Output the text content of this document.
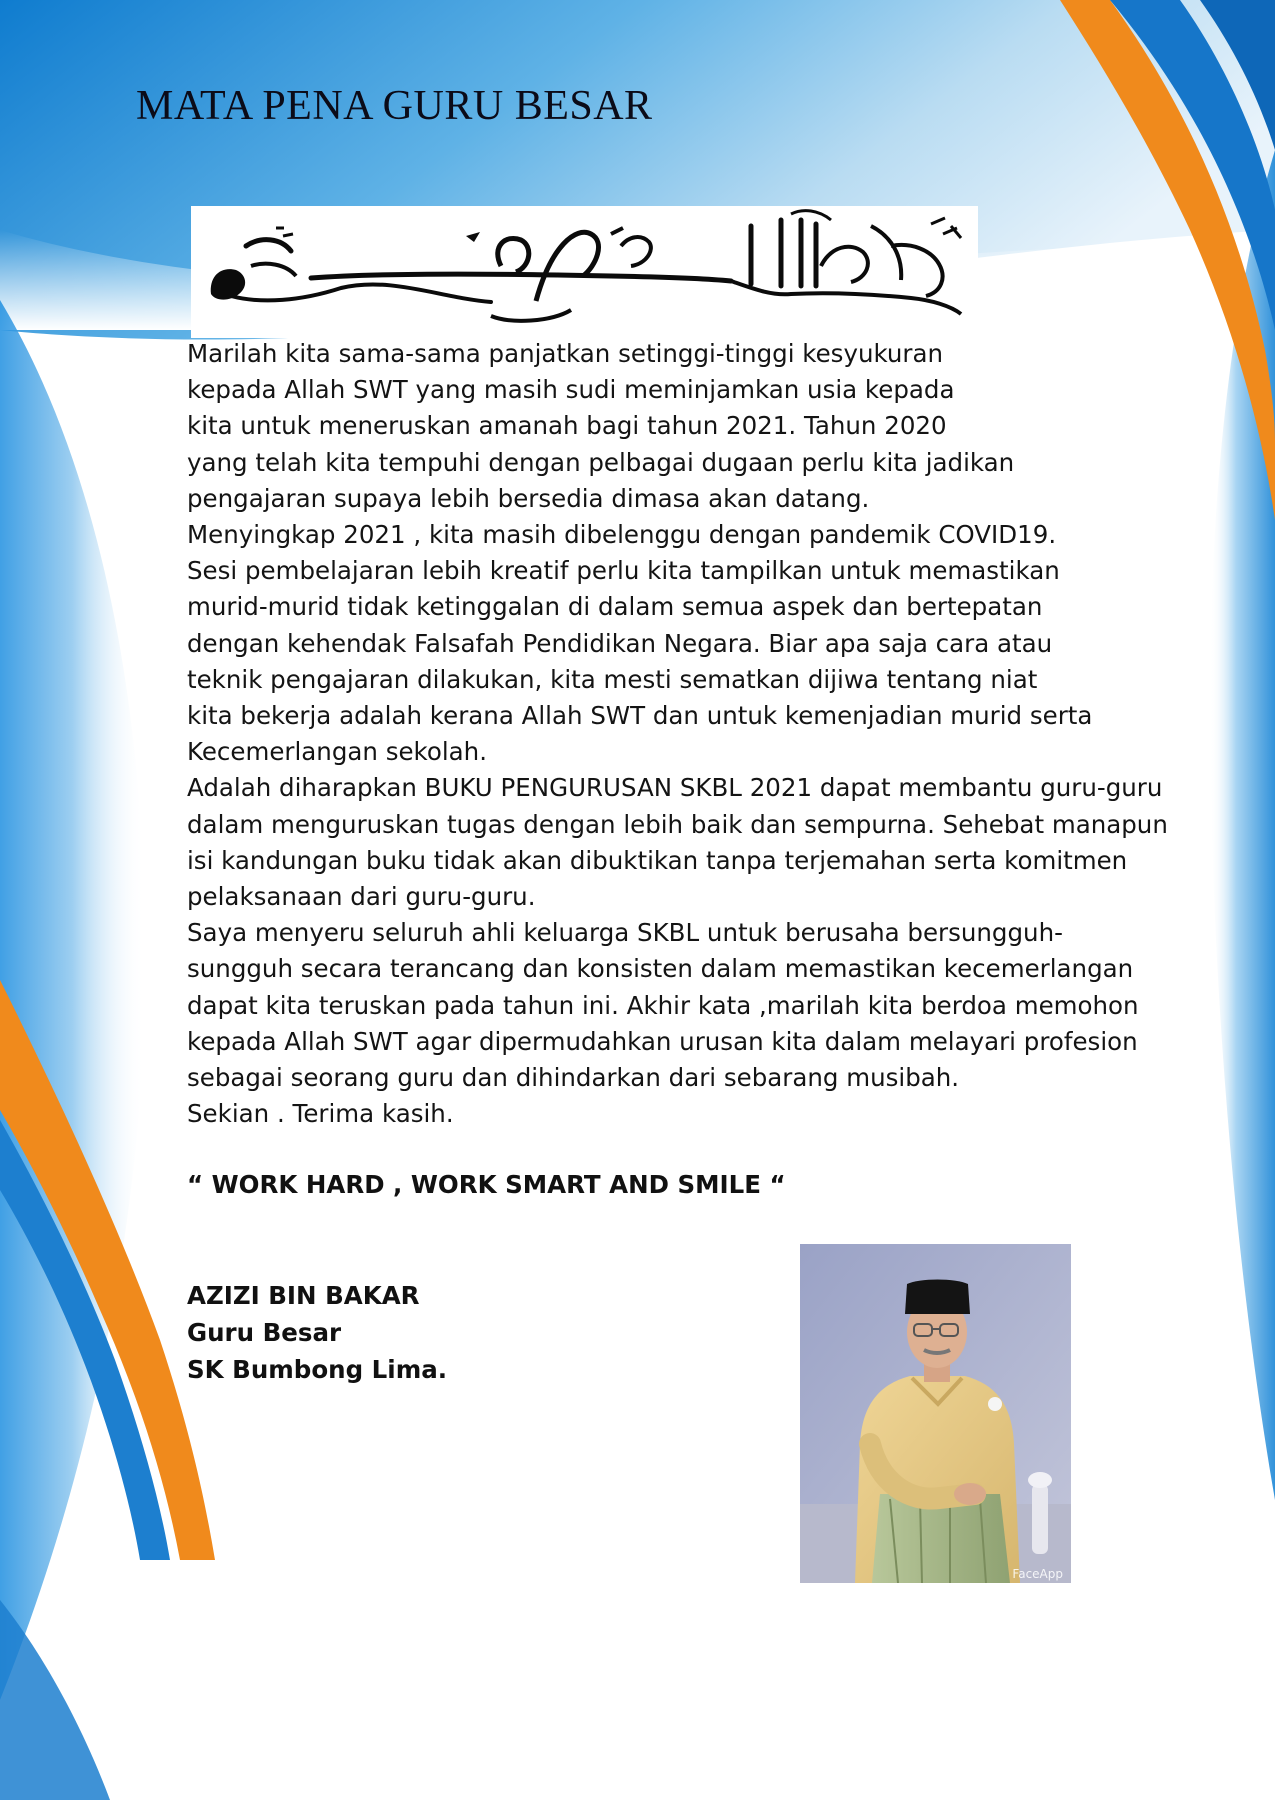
MATA PENA GURU BESAR
Marilah kita sama-sama panjatkan setinggi-tinggi kesyukuran
kepada Allah SWT yang masih sudi meminjamkan usia kepada
kita untuk meneruskan amanah bagi tahun 2021. Tahun 2020
yang telah kita tempuhi dengan pelbagai dugaan perlu kita jadikan
pengajaran supaya lebih bersedia dimasa akan datang.
Menyingkap 2021 , kita masih dibelenggu dengan pandemik COVID19.
Sesi pembelajaran lebih kreatif perlu kita tampilkan untuk memastikan
murid-murid tidak ketinggalan di dalam semua aspek dan bertepatan
dengan kehendak Falsafah Pendidikan Negara. Biar apa saja cara atau
teknik pengajaran dilakukan, kita mesti sematkan dijiwa tentang niat
kita bekerja adalah kerana Allah SWT dan untuk kemenjadian murid serta
Kecemerlangan sekolah.
Adalah diharapkan BUKU PENGURUSAN SKBL 2021 dapat membantu guru-guru
dalam menguruskan tugas dengan lebih baik dan sempurna. Sehebat manapun
isi kandungan buku tidak akan dibuktikan tanpa terjemahan serta komitmen
pelaksanaan dari guru-guru.
Saya menyeru seluruh ahli keluarga SKBL untuk berusaha bersungguh-
sungguh secara terancang dan konsisten dalam memastikan kecemerlangan
dapat kita teruskan pada tahun ini. Akhir kata ,marilah kita berdoa memohon
kepada Allah SWT agar dipermudahkan urusan kita dalam melayari profesion
sebagai seorang guru dan dihindarkan dari sebarang musibah.
Sekian . Terima kasih.
“ WORK HARD , WORK SMART AND SMILE “
AZIZI BIN BAKAR
Guru Besar
SK Bumbong Lima.
FaceApp
